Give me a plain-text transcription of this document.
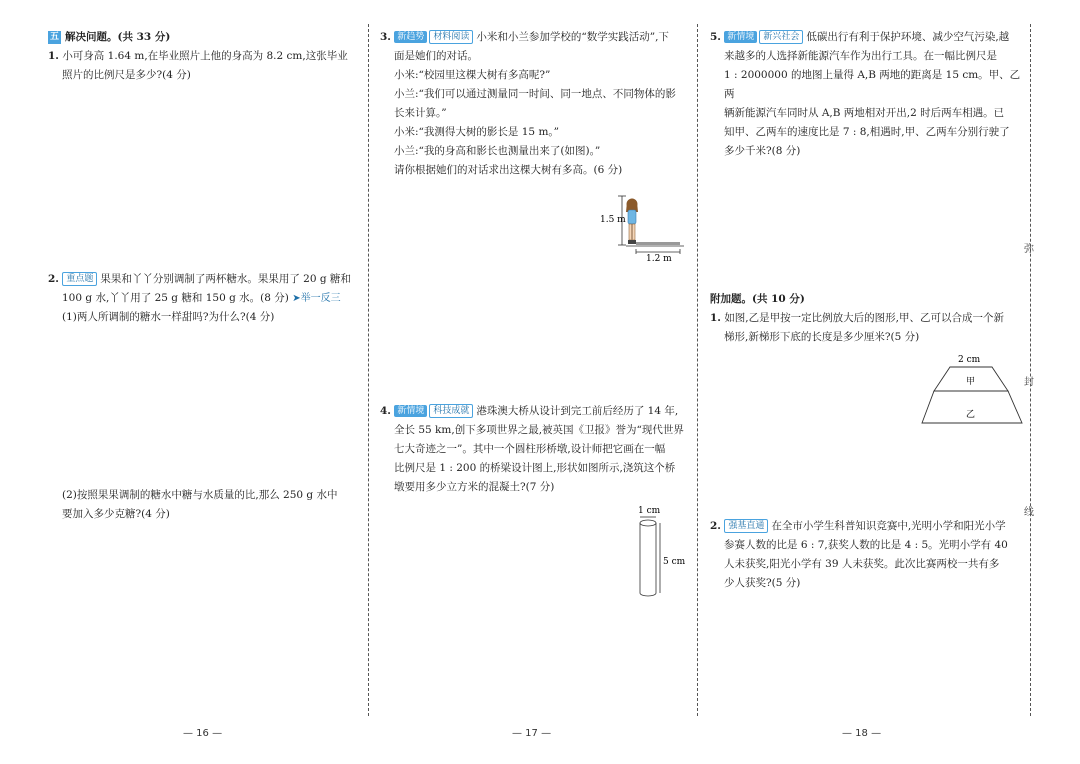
五 解决问题。(共 33 分)

1. 小可身高 1.64 m,在毕业照片上他的身高为 8.2 cm,这张毕业

照片的比例尺是多少?(4 分)

2. 重点题 果果和丫丫分别调制了两杯糖水。果果用了 20 g 糖和

100 g 水,丫丫用了 25 g 糖和 150 g 水。(8 分) ➤举一反三

(1)两人所调制的糖水一样甜吗?为什么?(4 分)

(2)按照果果调制的糖水中糖与水质量的比,那么 250 g 水中

要加入多少克糖?(4 分)

— 16 —

3. 新趋势 材料阅读 小米和小兰参加学校的“数学实践活动”,下

面是她们的对话。

小米:“校园里这棵大树有多高呢?”

小兰:“我们可以通过测量同一时间、同一地点、不同物体的影

长来计算。”

小米:“我测得大树的影长是 15 m。”

小兰:“我的身高和影长也测量出来了(如图)。”

请你根据她们的对话求出这棵大树有多高。(6 分)

1.5 m
1.2 m

4. 新情境 科技成就 港珠澳大桥从设计到完工前后经历了 14 年,

全长 55 km,创下多项世界之最,被英国《卫报》誉为“现代世界

七大奇迹之一”。其中一个圆柱形桥墩,设计师把它画在一幅

比例尺是 1 : 200 的桥梁设计图上,形状如图所示,浇筑这个桥

墩要用多少立方米的混凝土?(7 分)

1 cm
5 cm
— 17 —

5. 新情境 新兴社会 低碳出行有利于保护环境、减少空气污染,越

来越多的人选择新能源汽车作为出行工具。在一幅比例尺是

1 : 2000000 的地图上量得 A,B 两地的距离是 15 cm。甲、乙两

辆新能源汽车同时从 A,B 两地相对开出,2 时后两车相遇。已

知甲、乙两车的速度比是 7 : 8,相遇时,甲、乙两车分别行驶了

多少千米?(8 分)

附加题。(共 10 分)

1. 如图,乙是甲按一定比例放大后的图形,甲、乙可以合成一个新

梯形,新梯形下底的长度是多少厘米?(5 分)

2 cm
甲
乙

2. 强基直通 在全市小学生科普知识竞赛中,光明小学和阳光小学

参赛人数的比是 6 : 7,获奖人数的比是 4 : 5。光明小学有 40

人未获奖,阳光小学有 39 人未获奖。此次比赛两校一共有多

少人获奖?(5 分)

— 18 —
弥
封
线
